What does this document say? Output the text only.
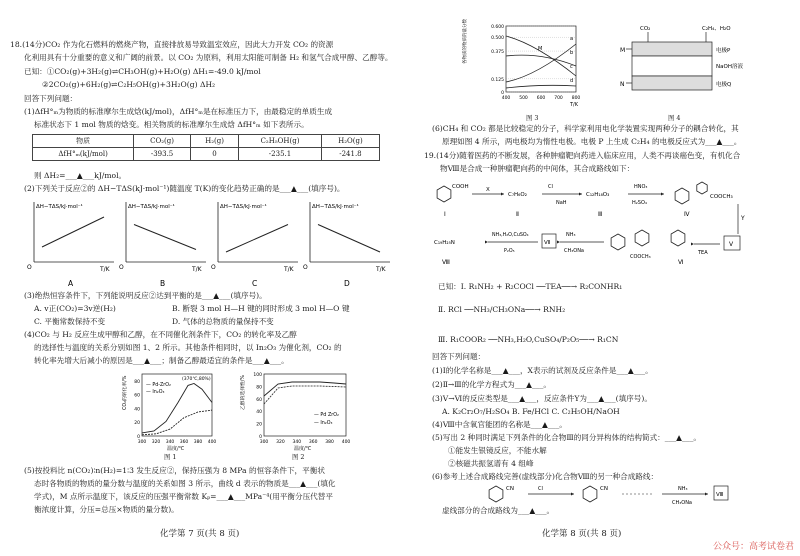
18.(14分)CO₂ 作为化石燃料的燃烧产物，直接排放易导致温室效应，因此大力开发 CO₂ 的资源
化利用具有十分重要的意义和广阔的前景。以 CO₂ 为原料，利用太阳能可制备 H₂ 和氢气合成甲醇、乙醇等。
已知：①CO₂(g)+3H₂(g)⇌CH₃OH(g)+H₂O(g) ΔH₁=-49.0 kJ/mol
②2CO₂(g)+6H₂(g)⇌C₂H₅OH(g)+3H₂O(g) ΔH₂
回答下列问题：
(1)ΔfH°ₘ为物质的标准摩尔生成焓(kJ/mol)，ΔfH°ₘ是在标准压力下，由最稳定的单质生成
标准状态下 1 mol 物质的焓变。相关物质的标准摩尔生成焓 ΔfH°ₘ 如下表所示。
物质	CO₂(g)	H₂(g)	C₂H₅OH(g)	H₂O(g)
ΔfH°ₘ(kJ/mol)	-393.5	0	-235.1	-241.8
则 ΔH₂=___▲___kJ/mol。
(2)下列关于反应②的 ΔH−TΔS(kJ·mol⁻¹)随温度 T(K)的变化趋势正确的是___▲___(填序号)。
ΔH−TΔS/kJ·mol⁻¹
T/K
O
A
ΔH−TΔS/kJ·mol⁻¹
T/K
O
B
ΔH−TΔS/kJ·mol⁻¹
T/K
O
C
ΔH−TΔS/kJ·mol⁻¹
T/K
O
D
(3)绝热恒容条件下，下列能说明反应②达到平衡的是___▲___(填序号)。
A. v正(CO₂)=3v逆(H₂)	B. 断裂 3 mol H—H 键的同时形成 3 mol H—O 键
C. 平衡常数保持不变	D. 气体的总物质的量保持不变
(4)CO₂ 与 H₂ 反应生成甲醇和乙醇，在不同催化剂条件下，CO₂ 的转化率及乙醇
的选择性与温度的关系分别如图 1、2 所示。其他条件相同时，以 In₂O₃ 为催化剂，CO₂ 的
转化率先增大后减小的原因是___▲___；制备乙醇最适宜的条件是___▲___。
0
20
40
60
80
300 320 340 360 380 400
— Pd-ZrO₂
— In₂O₃
(370℃,80%)
温度/℃
CO₂的转化率/%
图 1
0
20
40
60
80
100
300 320 340 360 380 400
— Pd ZrO₂
— In₂O₃
温度/℃
乙醇的选择性/%
图 2
(5)按投料比 n(CO₂)∶n(H₂)=1∶3 发生反应②，保持压强为 8 MPa 的恒容条件下，平衡状
态时各物质的物质的量分数与温度的关系如图 3 所示，曲线 d 表示的物质是___▲___(填化
学式)，M 点所示温度下，该反应的压强平衡常数 Kₚ=___▲___MPa⁻⁴(用平衡分压代替平
衡浓度计算，分压=总压×物质的量分数)。
化学第 7 页(共 8 页)
0
0.125
0.375
0.500
0.600
400 500 600 700 800
a
b
c
d
M
T/K
各物质的物质的量分数
图 3
CO₂	C₂H₄、H₂O
电极P
NaOH溶液
电极Q
M
N
图 4
(6)CH₄ 和 CO₂ 都是比较稳定的分子，科学家利用电化学装置实现两种分子的耦合转化，其
原理如图 4 所示，两电极均为惰性电极。电极 P 上生成 C₂H₄ 的电极反应式为___▲___。
19.(14分)随着医药的不断发展，各种肿瘤靶向药进入临床应用，人类不再谈癌色变，有机化合
物Ⅷ是合成一种肿瘤靶向药的中间体，其合成路线如下：
COOH
Ⅰ
X
C₇H₆O₂
Ⅱ
Cl
NaH
C₁₂H₁₈O₃
Ⅲ
HNO₃
H₂SO₄
COOCH₃
Ⅳ
Y
Ⅴ
TEA
Ⅵ
COOCH₃
NH₃
CH₃ONa
Ⅶ
NH₃,H₂O,CuSO₄
P₂O₅
C₁₉H₂₅N
Ⅷ
已知：Ⅰ. R₁NH₂ + R₂COCl ──TEA──→ R₂CONHR₁
Ⅱ. RCl ──NH₃/CH₃ONa──→ RNH₂
Ⅲ. R₁COOR₂ ──NH₃,H₂O,CuSO₄/P₂O₅──→ R₁CN
回答下列问题：
(1)Ⅰ的化学名称是___▲___，X表示的试剂及反应条件是___▲___。
(2)Ⅱ→Ⅲ的化学方程式为___▲___。
(3)Ⅴ→Ⅵ的反应类型是___▲___，反应条件Y为___▲___(填序号)。
A. K₂Cr₂O₇/H₂SO₄ B. Fe/HCl C. C₂H₅OH/NaOH
(4)Ⅷ中含氧官能团的名称是___▲___。
(5)写出 2 种同时满足下列条件的化合物Ⅲ的同分异构体的结构简式：___▲___。
①能发生银镜反应，不能水解
②核磁共振氢谱有 4 组峰
(6)参考上述合成路线完善(虚线部分)化合物Ⅷ的另一种合成路线：
CN	Cl	CN	NH₃
CH₃ONa
Ⅷ
虚线部分的合成路线为___▲___。
化学第 8 页(共 8 页)
公众号：高考试卷君
